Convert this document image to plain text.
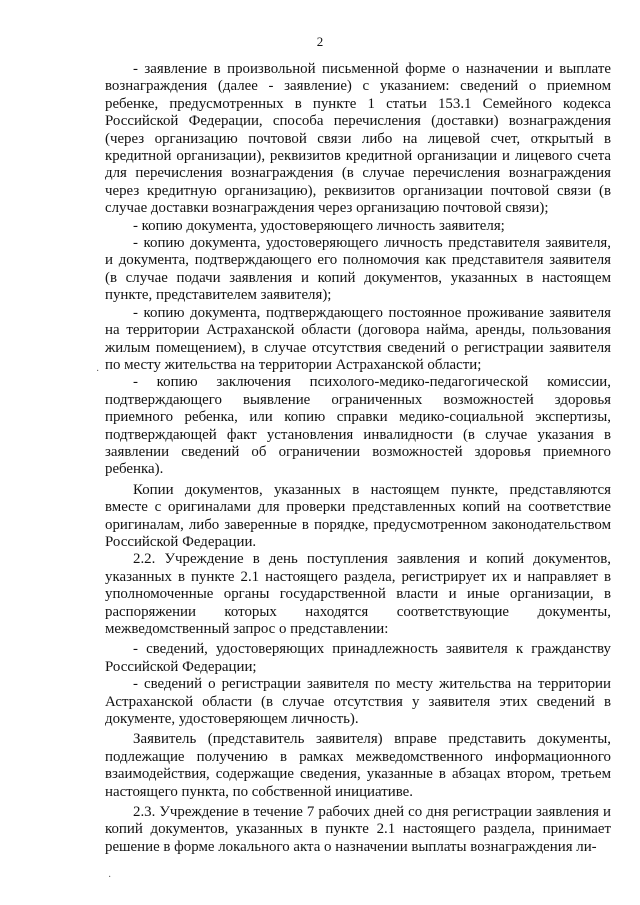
2

- заявление в произвольной письменной форме о назначении и выплате вознаграждения (далее - заявление) с указанием: сведений о приемном ребенке, предусмотренных в пункте 1 статьи 153.1 Семейного кодекса Российской Федерации, способа перечисления (доставки) вознаграждения (через организацию почтовой связи либо на лицевой счет, открытый в кредитной организации), реквизитов кредитной организации и лицевого счета для перечисления вознаграждения (в случае перечисления вознаграждения через кредитную организацию), реквизитов организации почтовой связи (в случае доставки вознаграждения через организацию почтовой связи);

- копию документа, удостоверяющего личность заявителя;

- копию документа, удостоверяющего личность представителя заявителя, и документа, подтверждающего его полномочия как представителя заявителя (в случае подачи заявления и копий документов, указанных в настоящем пункте, представителем заявителя);

- копию документа, подтверждающего постоянное проживание заявителя на территории Астраханской области (договора найма, аренды, пользования жилым помещением), в случае отсутствия сведений о регистрации заявителя по месту жительства на территории Астраханской области;

- копию заключения психолого-медико-педагогической комиссии, подтверждающего выявление ограниченных возможностей здоровья приемного ребенка, или копию справки медико-социальной экспертизы, подтверждающей факт установления инвалидности (в случае указания в заявлении сведений об ограничении возможностей здоровья приемного ребенка).

Копии документов, указанных в настоящем пункте, представляются вместе с оригиналами для проверки представленных копий на соответствие оригиналам, либо заверенные в порядке, предусмотренном законодательством Российской Федерации.

2.2. Учреждение в день поступления заявления и копий документов, указанных в пункте 2.1 настоящего раздела, регистрирует их и направляет в уполномоченные органы государственной власти и иные организации, в распоряжении которых находятся соответствующие документы, межведомственный запрос о представлении:

- сведений, удостоверяющих принадлежность заявителя к гражданству Российской Федерации;

- сведений о регистрации заявителя по месту жительства на территории Астраханской области (в случае отсутствия у заявителя этих сведений в документе, удостоверяющем личность).

Заявитель (представитель заявителя) вправе представить документы, подлежащие получению в рамках межведомственного информационного взаимодействия, содержащие сведения, указанные в абзацах втором, третьем настоящего пункта, по собственной инициативе.

2.3. Учреждение в течение 7 рабочих дней со дня регистрации заявления и копий документов, указанных в пункте 2.1 настоящего раздела, принимает решение в форме локального акта о назначении выплаты вознаграждения ли-

·
·
